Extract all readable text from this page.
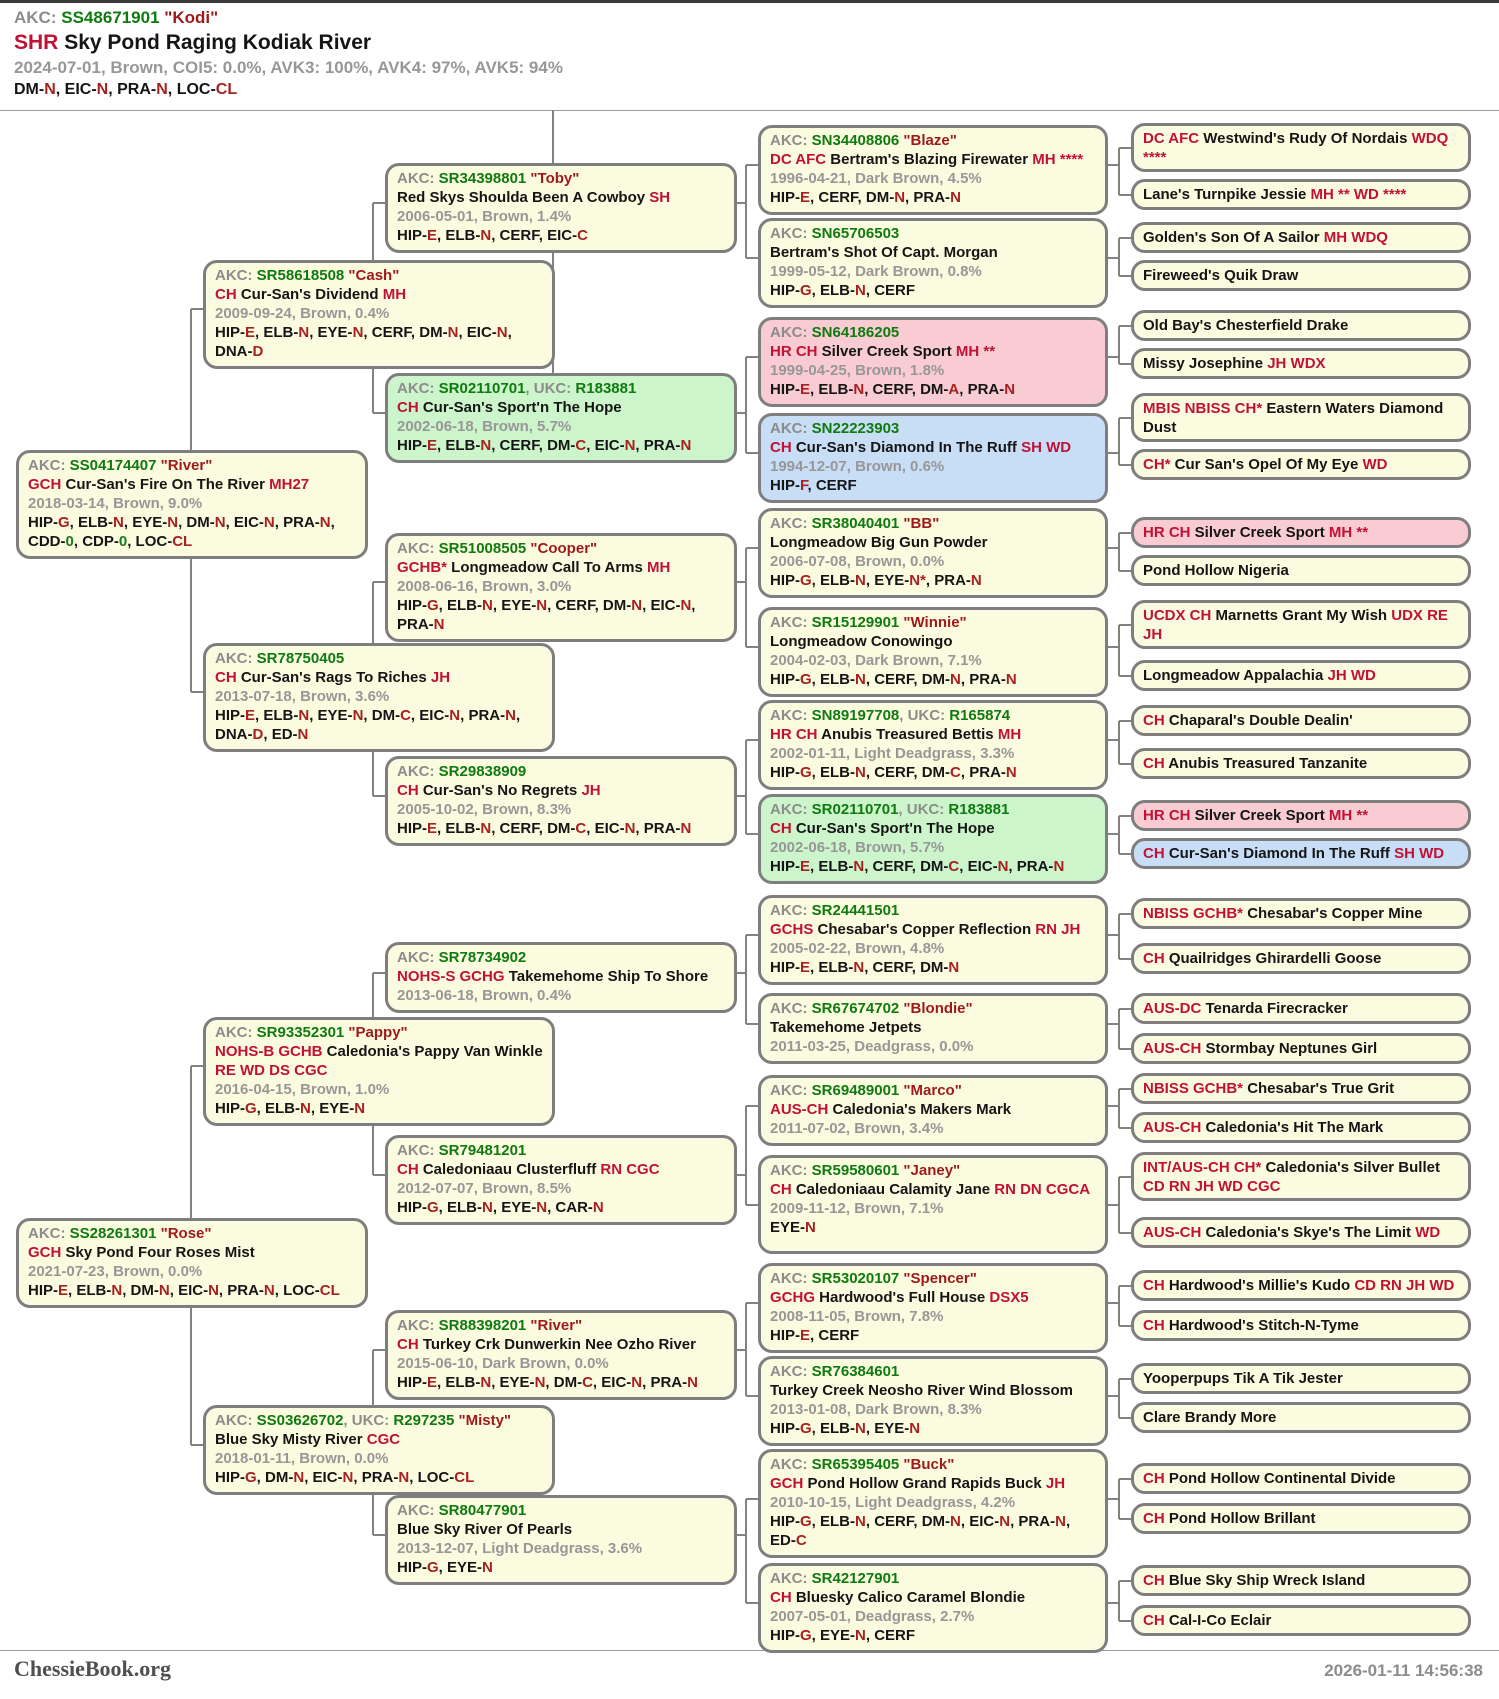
AKC: SS48671901 "Kodi"
SHR Sky Pond Raging Kodiak River
2024-07-01, Brown, COI5: 0.0%, AVK3: 100%, AVK4: 97%, AVK5: 94%
DM-N, EIC-N, PRA-N, LOC-CL
AKC: SS04174407 "River"
GCH Cur-San's Fire On The River MH27
2018-03-14, Brown, 9.0%
HIP-G, ELB-N, EYE-N, DM-N, EIC-N, PRA-N, CDD-0, CDP-0, LOC-CL
AKC: SS28261301 "Rose"
GCH Sky Pond Four Roses Mist
2021-07-23, Brown, 0.0%
HIP-E, ELB-N, DM-N, EIC-N, PRA-N, LOC-CL
AKC: SR58618508 "Cash"
CH Cur-San's Dividend MH
2009-09-24, Brown, 0.4%
HIP-E, ELB-N, EYE-N, CERF, DM-N, EIC-N, DNA-D
AKC: SR78750405
CH Cur-San's Rags To Riches JH
2013-07-18, Brown, 3.6%
HIP-E, ELB-N, EYE-N, DM-C, EIC-N, PRA-N, DNA-D, ED-N
AKC: SR93352301 "Pappy"
NOHS-B GCHB Caledonia's Pappy Van Winkle RE WD DS CGC
2016-04-15, Brown, 1.0%
HIP-G, ELB-N, EYE-N
AKC: SS03626702, UKC: R297235 "Misty"
Blue Sky Misty River CGC
2018-01-11, Brown, 0.0%
HIP-G, DM-N, EIC-N, PRA-N, LOC-CL
AKC: SR34398801 "Toby"
Red Skys Shoulda Been A Cowboy SH
2006-05-01, Brown, 1.4%
HIP-E, ELB-N, CERF, EIC-C
AKC: SR02110701, UKC: R183881
CH Cur-San's Sport'n The Hope
2002-06-18, Brown, 5.7%
HIP-E, ELB-N, CERF, DM-C, EIC-N, PRA-N
AKC: SR51008505 "Cooper"
GCHB* Longmeadow Call To Arms MH
2008-06-16, Brown, 3.0%
HIP-G, ELB-N, EYE-N, CERF, DM-N, EIC-N, PRA-N
AKC: SR29838909
CH Cur-San's No Regrets JH
2005-10-02, Brown, 8.3%
HIP-E, ELB-N, CERF, DM-C, EIC-N, PRA-N
AKC: SR78734902
NOHS-S GCHG Takemehome Ship To Shore
2013-06-18, Brown, 0.4%
AKC: SR79481201
CH Caledoniaau Clusterfluff RN CGC
2012-07-07, Brown, 8.5%
HIP-G, ELB-N, EYE-N, CAR-N
AKC: SR88398201 "River"
CH Turkey Crk Dunwerkin Nee Ozho River
2015-06-10, Dark Brown, 0.0%
HIP-E, ELB-N, EYE-N, DM-C, EIC-N, PRA-N
AKC: SR80477901
Blue Sky River Of Pearls
2013-12-07, Light Deadgrass, 3.6%
HIP-G, EYE-N
AKC: SN34408806 "Blaze"
DC AFC Bertram's Blazing Firewater MH ****
1996-04-21, Dark Brown, 4.5%
HIP-E, CERF, DM-N, PRA-N
AKC: SN65706503
Bertram's Shot Of Capt. Morgan
1999-05-12, Dark Brown, 0.8%
HIP-G, ELB-N, CERF
AKC: SN64186205
HR CH Silver Creek Sport MH **
1999-04-25, Brown, 1.8%
HIP-E, ELB-N, CERF, DM-A, PRA-N
AKC: SN22223903
CH Cur-San's Diamond In The Ruff SH WD
1994-12-07, Brown, 0.6%
HIP-F, CERF
AKC: SR38040401 "BB"
Longmeadow Big Gun Powder
2006-07-08, Brown, 0.0%
HIP-G, ELB-N, EYE-N*, PRA-N
AKC: SR15129901 "Winnie"
Longmeadow Conowingo
2004-02-03, Dark Brown, 7.1%
HIP-G, ELB-N, CERF, DM-N, PRA-N
AKC: SN89197708, UKC: R165874
HR CH Anubis Treasured Bettis MH
2002-01-11, Light Deadgrass, 3.3%
HIP-G, ELB-N, CERF, DM-C, PRA-N
AKC: SR02110701, UKC: R183881
CH Cur-San's Sport'n The Hope
2002-06-18, Brown, 5.7%
HIP-E, ELB-N, CERF, DM-C, EIC-N, PRA-N
AKC: SR24441501
GCHS Chesabar's Copper Reflection RN JH
2005-02-22, Brown, 4.8%
HIP-E, ELB-N, CERF, DM-N
AKC: SR67674702 "Blondie"
Takemehome Jetpets
2011-03-25, Deadgrass, 0.0%
AKC: SR69489001 "Marco"
AUS-CH Caledonia's Makers Mark
2011-07-02, Brown, 3.4%
AKC: SR59580601 "Janey"
CH Caledoniaau Calamity Jane RN DN CGCA
2009-11-12, Brown, 7.1%
EYE-N
AKC: SR53020107 "Spencer"
GCHG Hardwood's Full House DSX5
2008-11-05, Brown, 7.8%
HIP-E, CERF
AKC: SR76384601
Turkey Creek Neosho River Wind Blossom
2013-01-08, Dark Brown, 8.3%
HIP-G, ELB-N, EYE-N
AKC: SR65395405 "Buck"
GCH Pond Hollow Grand Rapids Buck JH
2010-10-15, Light Deadgrass, 4.2%
HIP-G, ELB-N, CERF, DM-N, EIC-N, PRA-N, ED-C
AKC: SR42127901
CH Bluesky Calico Caramel Blondie
2007-05-01, Deadgrass, 2.7%
HIP-G, EYE-N, CERF
DC AFC Westwind's Rudy Of Nordais WDQ ****
Lane's Turnpike Jessie MH ** WD ****
Golden's Son Of A Sailor MH WDQ
Fireweed's Quik Draw
Old Bay's Chesterfield Drake
Missy Josephine JH WDX
MBIS NBISS CH* Eastern Waters Diamond Dust
CH* Cur San's Opel Of My Eye WD
HR CH Silver Creek Sport MH **
Pond Hollow Nigeria
UCDX CH Marnetts Grant My Wish UDX RE JH
Longmeadow Appalachia JH WD
CH Chaparal's Double Dealin'
CH Anubis Treasured Tanzanite
HR CH Silver Creek Sport MH **
CH Cur-San's Diamond In The Ruff SH WD
NBISS GCHB* Chesabar's Copper Mine
CH Quailridges Ghirardelli Goose
AUS-DC Tenarda Firecracker
AUS-CH Stormbay Neptunes Girl
NBISS GCHB* Chesabar's True Grit
AUS-CH Caledonia's Hit The Mark
INT/AUS-CH CH* Caledonia's Silver Bullet CD RN JH WD CGC
AUS-CH Caledonia's Skye's The Limit WD
CH Hardwood's Millie's Kudo CD RN JH WD
CH Hardwood's Stitch-N-Tyme
Yooperpups Tik A Tik Jester
Clare Brandy More
CH Pond Hollow Continental Divide
CH Pond Hollow Brillant
CH Blue Sky Ship Wreck Island
CH Cal-I-Co Eclair
ChessieBook.org	2026-01-11 14:56:38
